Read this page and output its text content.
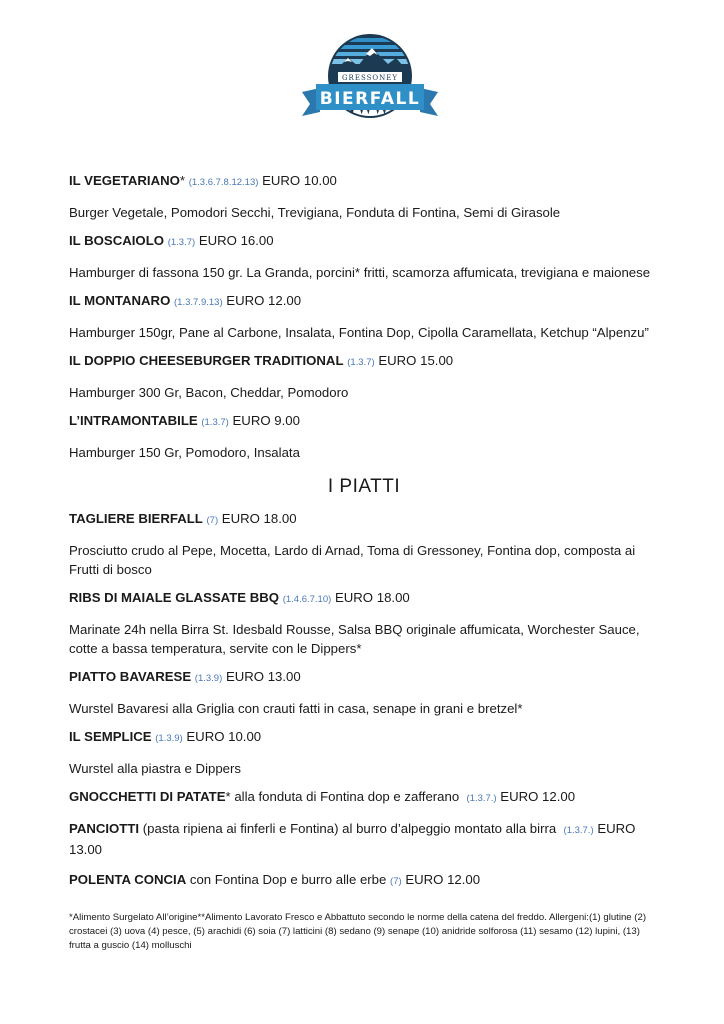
GRESSONEY
BIERFALL

IL VEGETARIANO* (1.3.6.7.8.12.13) EURO 10.00

Burger Vegetale, Pomodori Secchi, Trevigiana, Fonduta di Fontina, Semi di Girasole

IL BOSCAIOLO (1.3.7) EURO 16.00

Hamburger di fassona 150 gr. La Granda, porcini* fritti, scamorza affumicata, trevigiana e maionese

IL MONTANARO (1.3.7.9.13) EURO 12.00

Hamburger 150gr, Pane al Carbone, Insalata, Fontina Dop, Cipolla Caramellata, Ketchup “Alpenzu”

IL DOPPIO CHEESEBURGER TRADITIONAL (1.3.7) EURO 15.00

Hamburger 300 Gr, Bacon, Cheddar, Pomodoro

L’INTRAMONTABILE (1.3.7) EURO 9.00

Hamburger 150 Gr, Pomodoro, Insalata

I PIATTI

TAGLIERE BIERFALL (7) EURO 18.00

Prosciutto crudo al Pepe, Mocetta, Lardo di Arnad, Toma di Gressoney, Fontina dop, composta ai Frutti di bosco

RIBS DI MAIALE GLASSATE BBQ (1.4.6.7.10) EURO 18.00

Marinate 24h nella Birra St. Idesbald Rousse, Salsa BBQ originale affumicata, Worchester Sauce, cotte a bassa temperatura, servite con le Dippers*

PIATTO BAVARESE (1.3.9) EURO 13.00

Wurstel Bavaresi alla Griglia con crauti fatti in casa, senape in grani e bretzel*

IL SEMPLICE (1.3.9) EURO 10.00

Wurstel alla piastra e Dippers

GNOCCHETTI DI PATATE* alla fonduta di Fontina dop e zafferano (1.3.7.) EURO 12.00

PANCIOTTI (pasta ripiena ai finferli e Fontina) al burro d’alpeggio montato alla birra (1.3.7.) EURO 13.00

POLENTA CONCIA con Fontina Dop e burro alle erbe (7) EURO 12.00

*Alimento Surgelato All’origine**Alimento Lavorato Fresco e Abbattuto secondo le norme della catena del freddo. Allergeni:(1) glutine (2) crostacei (3) uova (4) pesce, (5) arachidi (6) soia (7) latticini (8) sedano (9) senape (10) anidride solforosa (11) sesamo (12) lupini, (13) frutta a guscio (14) molluschi
